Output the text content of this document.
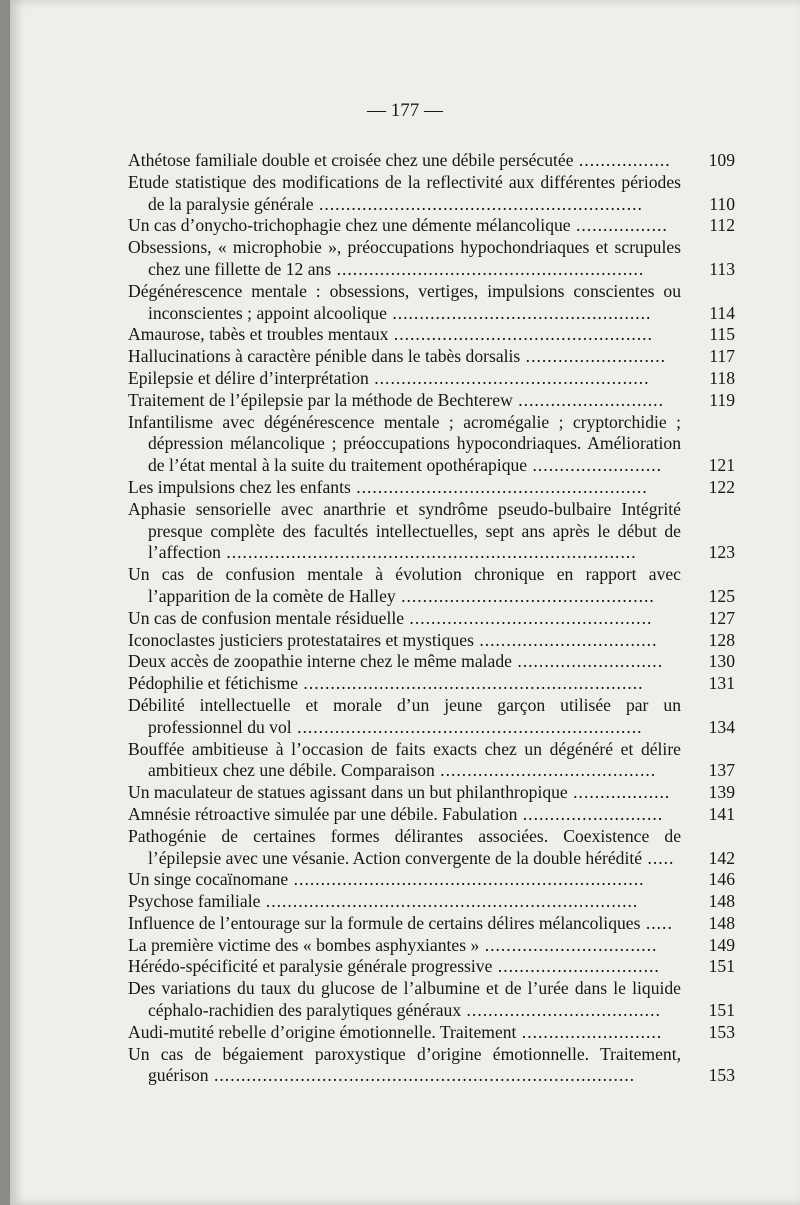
— 177 —
Athétose familiale double et croisée chez une débile persécutée .................	109
Etude statistique des modifications de la reflectivité aux différentes périodes de la paralysie générale ............................................................	110
Un cas d’onycho-trichophagie chez une démente mélancolique .................	112
Obsessions, « microphobie », préoccupations hypochondriaques et scrupules chez une fillette de 12 ans .........................................................	113
Dégénérescence mentale : obsessions, vertiges, impulsions conscientes ou inconscientes ; appoint alcoolique ................................................	114
Amaurose, tabès et troubles mentaux ................................................	115
Hallucinations à caractère pénible dans le tabès dorsalis ..........................	117
Epilepsie et délire d’interprétation ...................................................	118
Traitement de l’épilepsie par la méthode de Bechterew ...........................	119
Infantilisme avec dégénérescence mentale ; acromégalie ; cryptorchidie ; dépression mélancolique ; préoccupations hypocondriaques. Amélioration de l’état mental à la suite du traitement opothérapique ........................	121
Les impulsions chez les enfants ......................................................	122
Aphasie sensorielle avec anarthrie et syndrôme pseudo-bulbaire Intégrité presque complète des facultés intellectuelles, sept ans après le début de l’affection ............................................................................	123
Un cas de confusion mentale à évolution chronique en rapport avec l’apparition de la comète de Halley ...............................................	125
Un cas de confusion mentale résiduelle .............................................	127
Iconoclastes justiciers protestataires et mystiques .................................	128
Deux accès de zoopathie interne chez le même malade ...........................	130
Pédophilie et fétichisme ...............................................................	131
Débilité intellectuelle et morale d’un jeune garçon utilisée par un professionnel du vol ................................................................	134
Bouffée ambitieuse à l’occasion de faits exacts chez un dégénéré et délire ambitieux chez une débile. Comparaison ........................................	137
Un maculateur de statues agissant dans un but philanthropique ..................	139
Amnésie rétroactive simulée par une débile. Fabulation ..........................	141
Pathogénie de certaines formes délirantes associées. Coexistence de l’épilepsie avec une vésanie. Action convergente de la double hérédité .....	142
Un singe cocaïnomane .................................................................	146
Psychose familiale .....................................................................	148
Influence de l’entourage sur la formule de certains délires mélancoliques .....	148
La première victime des « bombes asphyxiantes » ................................	149
Hérédo-spécificité et paralysie générale progressive ..............................	151
Des variations du taux du glucose de l’albumine et de l’urée dans le liquide céphalo-rachidien des paralytiques généraux ....................................	151
Audi-mutité rebelle d’origine émotionnelle. Traitement ..........................	153
Un cas de bégaiement paroxystique d’origine émotionnelle. Traitement, guérison ..............................................................................	153
